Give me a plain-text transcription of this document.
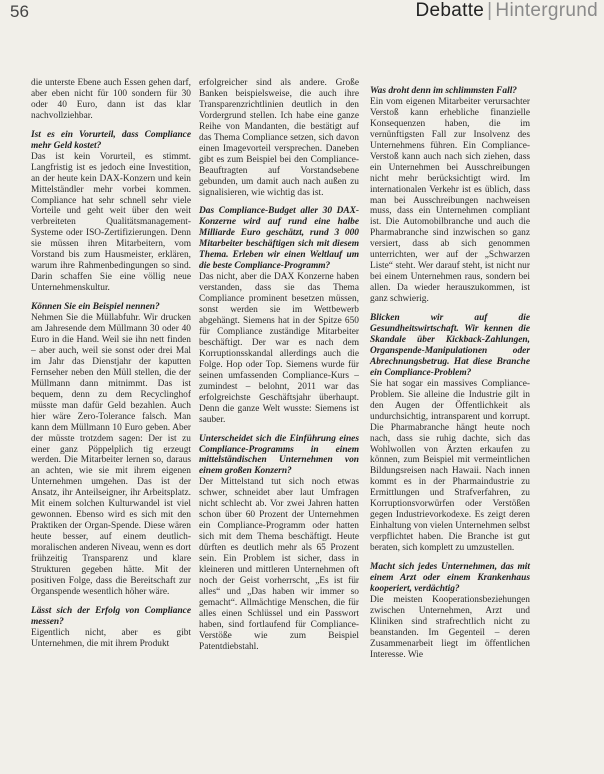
56	Debatte | Hintergrund

die unterste Ebene auch Essen gehen darf, aber eben nicht für 100 sondern für 30 oder 40 Euro, dann ist das klar nachvollziehbar.

Ist es ein Vorurteil, dass Compliance mehr Geld kostet?

Das ist kein Vorurteil, es stimmt. Langfristig ist es jedoch eine Investition, an der heute kein DAX-Konzern und kein Mittelständler mehr vorbei kommen. Compliance hat sehr schnell sehr viele Vorteile und geht weit über den weit verbreiteten Qualitätsmanagement-Systeme oder ISO-Zertifizierungen. Denn sie müssen ihren Mitarbeitern, vom Vorstand bis zum Hausmeister, erklären, warum ihre Rahmenbedingungen so sind. Darin schaffen Sie eine völlig neue Unternehmenskultur.

Können Sie ein Beispiel nennen?

Nehmen Sie die Müllabfuhr. Wir drucken am Jahresende dem Müllmann 30 oder 40 Euro in die Hand. Weil sie ihn nett finden – aber auch, weil sie sonst oder drei Mal im Jahr das Dienstjahr der kaputten Fernseher neben den Müll stellen, die der Müllmann dann mitnimmt. Das ist bequem, denn zu dem Recyclinghof müsste man dafür Geld bezahlen. Auch hier wäre Zero-Tolerance falsch. Man kann dem Müllmann 10 Euro geben. Aber der müsste trotzdem sagen: Der ist zu einer ganz Pöppelplich tig erzeugt werden. Die Mitarbeiter lernen so, daraus an achten, wie sie mit ihrem eigenen Unternehmen umgehen. Das ist der Ansatz, ihr Anteilseigner, ihr Arbeitsplatz. Mit einem solchen Kulturwandel ist viel gewonnen. Ebenso wird es sich mit den Praktiken der Organ-Spende. Diese wären heute besser, auf einem deutlich-moralischen anderen Niveau, wenn es dort frühzeitig Transparenz und klare Strukturen gegeben hätte. Mit der positiven Folge, dass die Bereitschaft zur Organspende wesentlich höher wäre.

Lässt sich der Erfolg von Compliance messen?

Eigentlich nicht, aber es gibt Unternehmen, die mit ihrem Produkt

erfolgreicher sind als andere. Große Banken beispielsweise, die auch ihre Transparenzrichtlinien deutlich in den Vordergrund stellen. Ich habe eine ganze Reihe von Mandanten, die bestätigt auf das Thema Compliance setzen, sich davon einen Imagevorteil versprechen. Daneben gibt es zum Beispiel bei den Compliance-Beauftragten auf Vorstandsebene gebunden, um damit auch nach außen zu signalisieren, wie wichtig das ist.

Das Compliance-Budget aller 30 DAX-Konzerne wird auf rund eine halbe Milliarde Euro geschätzt, rund 3 000 Mitarbeiter beschäftigen sich mit diesem Thema. Erleben wir einen Weltlauf um die beste Compliance-Programm?

Das nicht, aber die DAX Konzerne haben verstanden, dass sie das Thema Compliance prominent besetzen müssen, sonst werden sie im Wettbewerb abgehängt. Siemens hat in der Spitze 650 für Compliance zuständige Mitarbeiter beschäftigt. Der war es nach dem Korruptionsskandal allerdings auch die Folge. Hop oder Top. Siemens wurde für seinen umfassenden Compliance-Kurs – zumindest – belohnt, 2011 war das erfolgreichste Geschäftsjahr überhaupt. Denn die ganze Welt wusste: Siemens ist sauber.

Unterscheidet sich die Einführung eines Compliance-Programms in einem mittelständischen Unternehmen von einem großen Konzern?

Der Mittelstand tut sich noch etwas schwer, schneidet aber laut Umfragen nicht schlecht ab. Vor zwei Jahren hatten schon über 60 Prozent der Unternehmen ein Compliance-Programm oder hatten sich mit dem Thema beschäftigt. Heute dürften es deutlich mehr als 65 Prozent sein. Ein Problem ist sicher, dass in kleineren und mittleren Unternehmen oft noch der Geist vorherrscht, „Es ist für alles“ und „Das haben wir immer so gemacht“. Allmächtige Menschen, die für alles einen Schlüssel und ein Passwort haben, sind fortlaufend für Compliance-Verstöße wie zum Beispiel Patentdiebstahl.

Was droht denn im schlimmsten Fall?

Ein vom eigenen Mitarbeiter verursachter Verstoß kann erhebliche finanzielle Konsequenzen haben, die im vernünftigsten Fall zur Insolvenz des Unternehmens führen. Ein Compliance-Verstoß kann auch nach sich ziehen, dass ein Unternehmen bei Ausschreibungen nicht mehr berücksichtigt wird. Im internationalen Verkehr ist es üblich, dass man bei Ausschreibungen nachweisen muss, dass ein Unternehmen compliant ist. Die Automobilbranche und auch die Pharmabranche sind inzwischen so ganz versiert, dass ab sich genommen unterrichten, wer auf der „Schwarzen Liste“ steht. Wer darauf steht, ist nicht nur bei einem Unternehmen raus, sondern bei allen. Da wieder herauszukommen, ist ganz schwierig.

Blicken wir auf die Gesundheitswirtschaft. Wir kennen die Skandale über Kickback-Zahlungen, Organspende-Manipulationen oder Abrechnungsbetrug. Hat diese Branche ein Compliance-Problem?

Sie hat sogar ein massives Compliance-Problem. Sie alleine die Industrie gilt in den Augen der Öffentlichkeit als undurchsichtig, intransparent und korrupt. Die Pharmabranche hängt heute noch nach, dass sie ruhig dachte, sich das Wohlwollen von Ärzten erkaufen zu können, zum Beispiel mit vermeintlichen Bildungsreisen nach Hawaii. Nach innen kommt es in der Pharmaindustrie zu Ermittlungen und Strafverfahren, zu Korruptionsvorwürfen oder Verstößen gegen Industrievorkodexe. Es zeigt deren Einhaltung von vielen Unternehmen selbst verpflichtet haben. Die Branche ist gut beraten, sich komplett zu umzustellen.

Macht sich jedes Unternehmen, das mit einem Arzt oder einem Krankenhaus kooperiert, verdächtig?

Die meisten Kooperationsbeziehungen zwischen Unternehmen, Arzt und Kliniken sind strafrechtlich nicht zu beanstanden. Im Gegenteil – deren Zusammenarbeit liegt im öffentlichen Interesse. Wie
